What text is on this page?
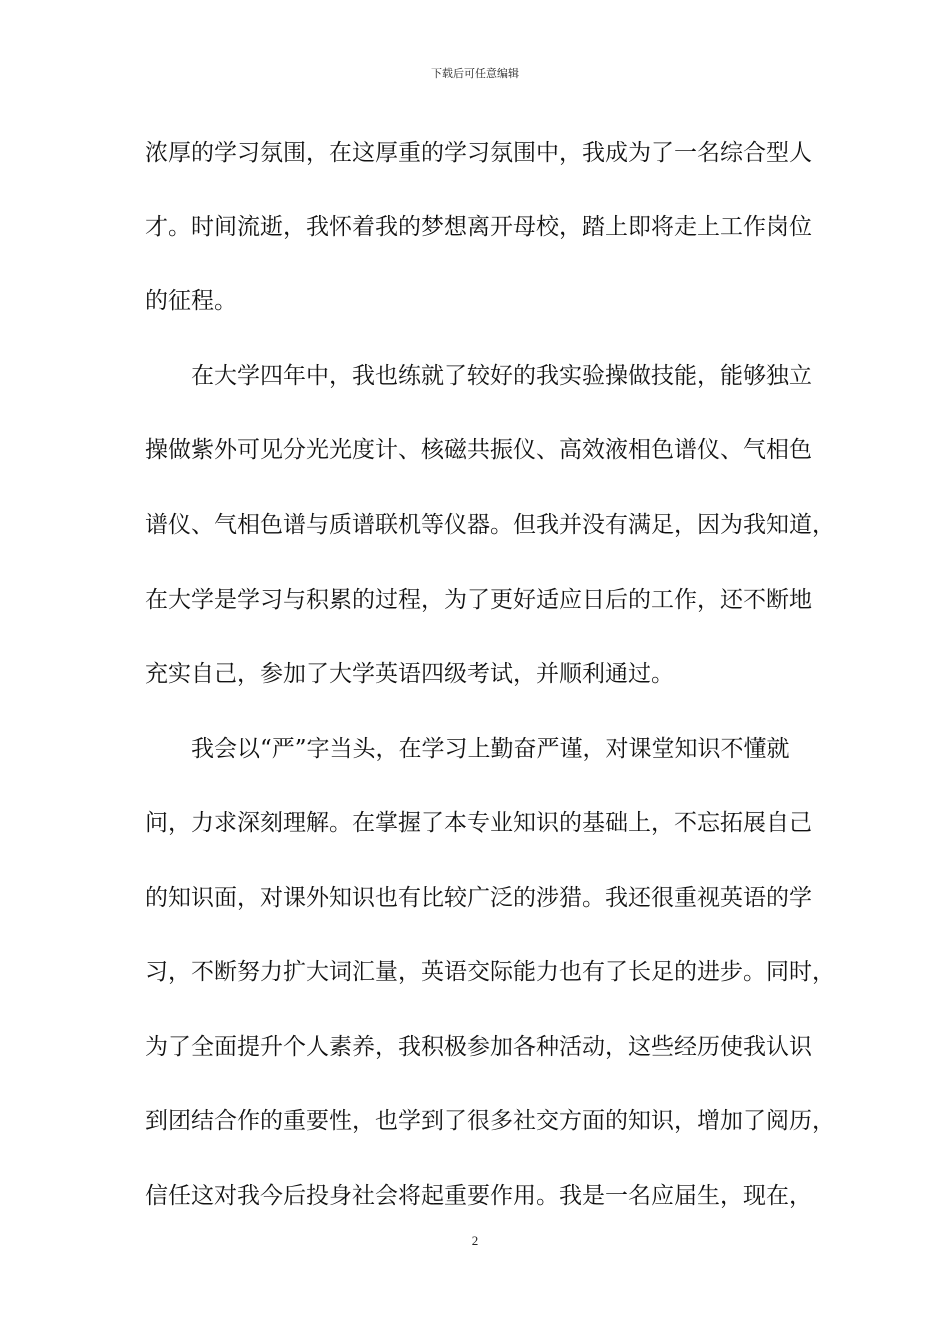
下载后可任意编辑
浓厚的学习氛围，在这厚重的学习氛围中，我成为了一名综合型人
才。时间流逝，我怀着我的梦想离开母校，踏上即将走上工作岗位
的征程。
在大学四年中，我也练就了较好的我实验操做技能，能够独立
操做紫外可见分光光度计、核磁共振仪、高效液相色谱仪、气相色
谱仪、气相色谱与质谱联机等仪器。但我并没有满足，因为我知道，
在大学是学习与积累的过程，为了更好适应日后的工作，还不断地
充实自己，参加了大学英语四级考试，并顺利通过。
我会以“严”字当头，在学习上勤奋严谨，对课堂知识不懂就
问，力求深刻理解。在掌握了本专业知识的基础上，不忘拓展自己
的知识面，对课外知识也有比较广泛的涉猎。我还很重视英语的学
习，不断努力扩大词汇量，英语交际能力也有了长足的进步。同时，
为了全面提升个人素养，我积极参加各种活动，这些经历使我认识
到团结合作的重要性，也学到了很多社交方面的知识，增加了阅历，
信任这对我今后投身社会将起重要作用。我是一名应届生，现在，
2
